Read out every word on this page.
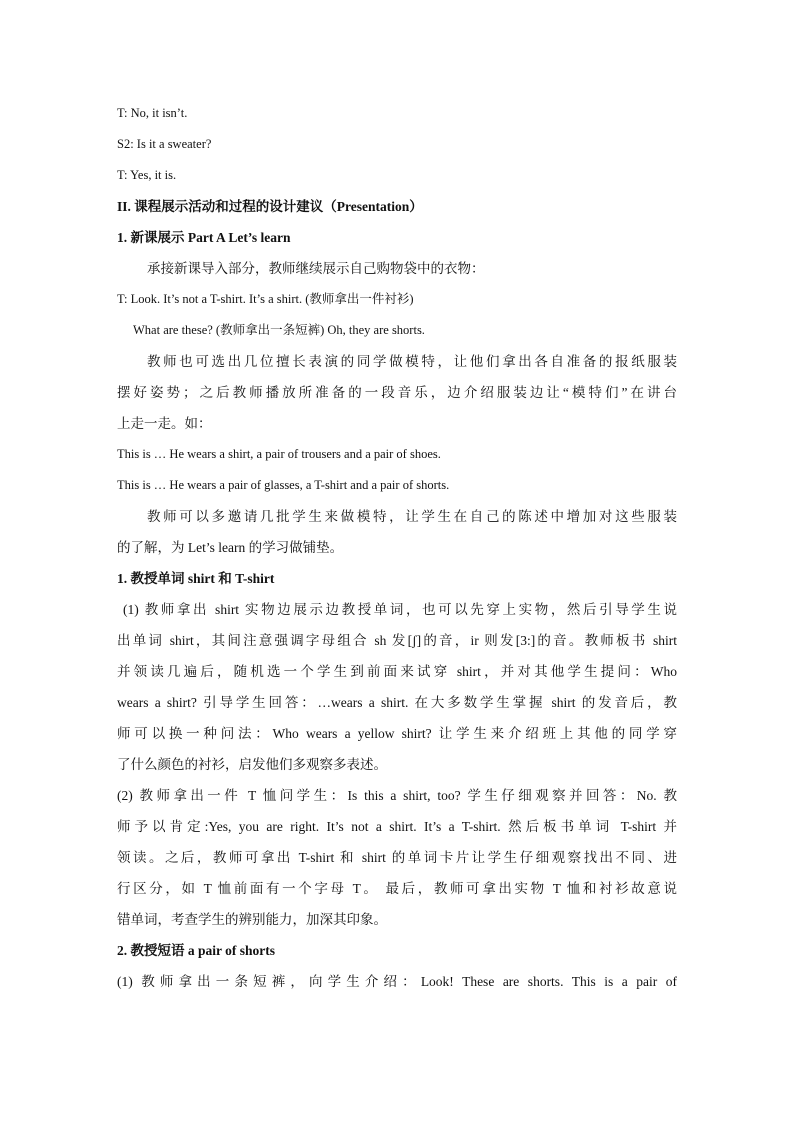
T: No, it isn’t.
S2: Is it a sweater?
T: Yes, it is.
II. 课程展示活动和过程的设计建议（Presentation）
1. 新课展示 Part A Let’s learn
承接新课导入部分，教师继续展示自己购物袋中的衣物：
T: Look. It’s not a T-shirt. It’s a shirt. (教师拿出一件衬衫)
What are these? (教师拿出一条短裤) Oh, they are shorts.
教师也可选出几位擅长表演的同学做模特，让他们拿出各自准备的报纸服装
摆好姿势；之后教师播放所准备的一段音乐，边介绍服装边让“模特们”在讲台
上走一走。如：
This is … He wears a shirt, a pair of trousers and a pair of shoes.
This is … He wears a pair of glasses, a T-shirt and a pair of shorts.
教师可以多邀请几批学生来做模特，让学生在自己的陈述中增加对这些服装
的了解，为 Let’s learn 的学习做铺垫。
1. 教授单词 shirt 和 T-shirt
(1) 教师拿出 shirt 实物边展示边教授单词，也可以先穿上实物，然后引导学生说
出单词 shirt，其间注意强调字母组合 sh 发[ʃ]的音，ir 则发[3:]的音。教师板书 shirt
并领读几遍后，随机选一个学生到前面来试穿 shirt，并对其他学生提问：Who
wears a shirt? 引导学生回答：…wears a shirt. 在大多数学生掌握 shirt 的发音后，教
师可以换一种问法：Who wears a yellow shirt? 让学生来介绍班上其他的同学穿
了什么颜色的衬衫，启发他们多观察多表述。
(2) 教师拿出一件 T 恤问学生：Is this a shirt, too? 学生仔细观察并回答：No. 教
师予以肯定:Yes, you are right. It’s not a shirt. It’s a T-shirt. 然后板书单词 T-shirt 并
领读。之后，教师可拿出 T-shirt 和 shirt 的单词卡片让学生仔细观察找出不同、进
行区分，如 T 恤前面有一个字母 T。 最后，教师可拿出实物 T 恤和衬衫故意说
错单词，考查学生的辨别能力，加深其印象。
2. 教授短语 a pair of shorts
(1) 教师拿出一条短裤，向学生介绍：Look! These are shorts. This is a pair of
